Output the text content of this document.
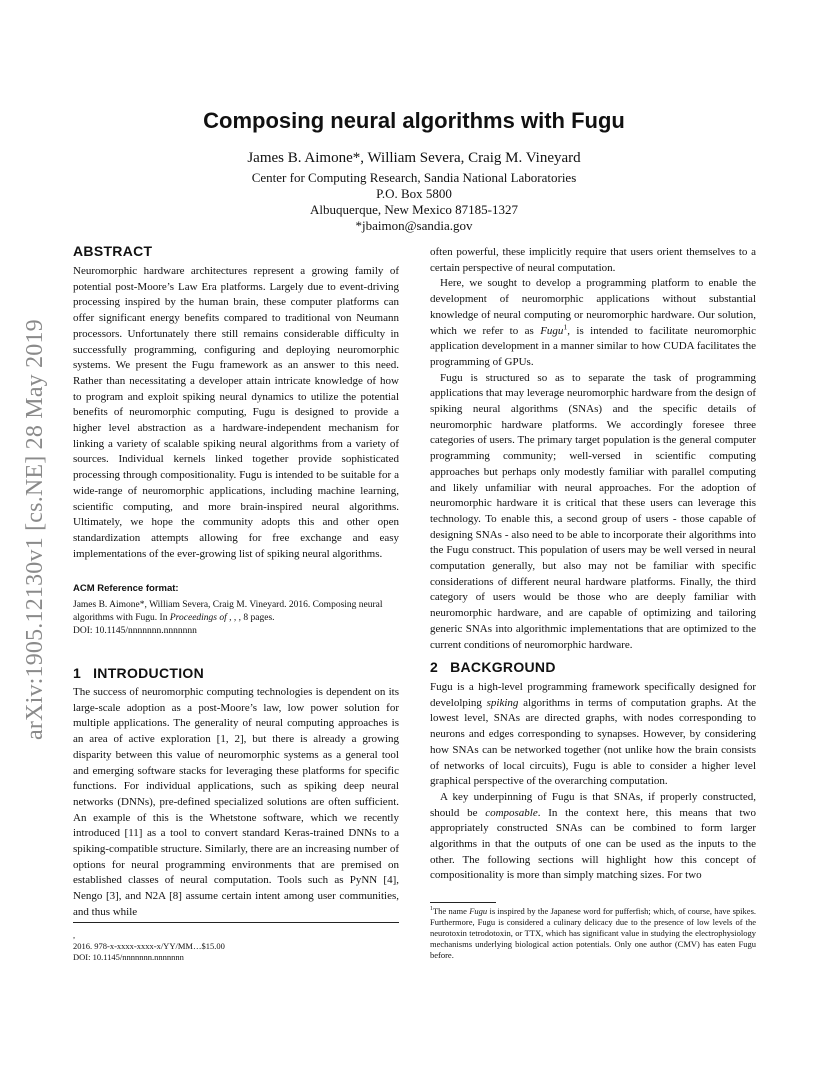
arXiv:1905.12130v1 [cs.NE] 28 May 2019
Composing neural algorithms with Fugu
James B. Aimone*, William Severa, Craig M. Vineyard
Center for Computing Research, Sandia National Laboratories
P.O. Box 5800
Albuquerque, New Mexico 87185-1327
*jbaimon@sandia.gov
ABSTRACT

Neuromorphic hardware architectures represent a growing family of potential post-Moore’s Law Era platforms. Largely due to event-driving processing inspired by the human brain, these computer platforms can offer significant energy benefits compared to traditional von Neumann processors. Unfortunately there still remains considerable difficulty in successfully programming, configuring and deploying neuromorphic systems. We present the Fugu framework as an answer to this need. Rather than necessitating a developer attain intricate knowledge of how to program and exploit spiking neural dynamics to utilize the potential benefits of neuromorphic computing, Fugu is designed to provide a higher level abstraction as a hardware-independent mechanism for linking a variety of scalable spiking neural algorithms from a variety of sources. Individual kernels linked together provide sophisticated processing through compositionality. Fugu is intended to be suitable for a wide-range of neuromorphic applications, including machine learning, scientific computing, and more brain-inspired neural algorithms. Ultimately, we hope the community adopts this and other open standardization attempts allowing for free exchange and easy implementations of the ever-growing list of spiking neural algorithms.

ACM Reference format:
James B. Aimone*, William Severa, Craig M. Vineyard. 2016. Composing neural algorithms with Fugu. In Proceedings of , , , 8 pages.
DOI: 10.1145/nnnnnnn.nnnnnnn
1 INTRODUCTION

The success of neuromorphic computing technologies is dependent on its large-scale adoption as a post-Moore’s law, low power solution for multiple applications. The generality of neural computing approaches is an area of active exploration [1, 2], but there is already a growing disparity between this value of neuromorphic systems as a general tool and emerging software stacks for leveraging these platforms for specific functions. For individual applications, such as spiking deep neural networks (DNNs), pre-defined specialized solutions are often sufficient. An example of this is the Whetstone software, which we recently introduced [11] as a tool to convert standard Keras-trained DNNs to a spiking-compatible structure. Similarly, there are an increasing number of options for neural programming environments that are premised on established classes of neural computation. Tools such as PyNN [4], Nengo [3], and N2A [8] assume certain intent among user communities, and thus while

,
2016. 978-x-xxxx-xxxx-x/YY/MM…$15.00
DOI: 10.1145/nnnnnnn.nnnnnnn

often powerful, these implicitly require that users orient themselves to a certain perspective of neural computation.

Here, we sought to develop a programming platform to enable the development of neuromorphic applications without substantial knowledge of neural computing or neuromorphic hardware. Our solution, which we refer to as Fugu$^1$, is intended to facilitate neuromorphic application development in a manner similar to how CUDA facilitates the programming of GPUs.

Fugu is structured so as to separate the task of programming applications that may leverage neuromorphic hardware from the design of spiking neural algorithms (SNAs) and the specific details of neuromorphic hardware platforms. We accordingly foresee three categories of users. The primary target population is the general computer programming community; well-versed in scientific computing approaches but perhaps only modestly familiar with parallel computing and likely unfamiliar with neural approaches. For the adoption of neuromorphic hardware it is critical that these users can leverage this technology. To enable this, a second group of users - those capable of designing SNAs - also need to be able to incorporate their algorithms into the Fugu construct. This population of users may be well versed in neural computation generally, but also may not be familiar with specific considerations of different neural hardware platforms. Finally, the third category of users would be those who are deeply familiar with neuromorphic hardware, and are capable of optimizing and tailoring generic SNAs into algorithmic implementations that are optimized to the current conditions of neuromorphic hardware.

2 BACKGROUND

Fugu is a high-level programming framework specifically designed for develolping spiking algorithms in terms of computation graphs. At the lowest level, SNAs are directed graphs, with nodes corresponding to neurons and edges corresponding to synapses. However, by considering how SNAs can be networked together (not unlike how the brain consists of networks of local circuits), Fugu is able to consider a higher level graphical perspective of the overarching computation.

A key underpinning of Fugu is that SNAs, if properly constructed, should be composable. In the context here, this means that two appropriately constructed SNAs can be combined to form larger algorithms in that the outputs of one can be used as the inputs to the other. The following sections will highlight how this concept of compositionality is more than simply matching sizes. For two

$^1$The name Fugu is inspired by the Japanese word for pufferfish; which, of course, have spikes. Furthermore, Fugu is considered a culinary delicacy due to the presence of low levels of the neurotoxin tetrodotoxin, or TTX, which has significant value in studying the electrophysiology mechanisms underlying biological action potentials. Only one author (CMV) has eaten Fugu before.
